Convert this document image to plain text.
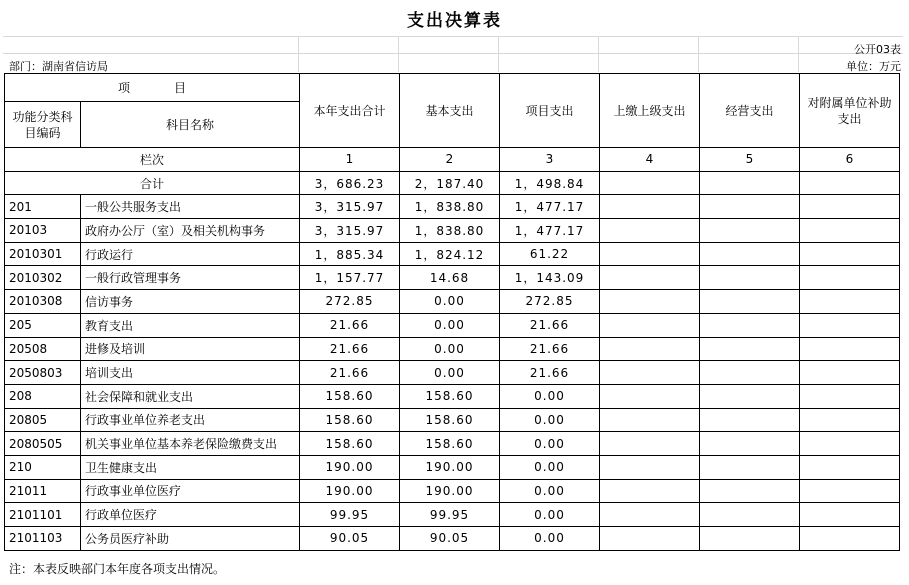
支出决算表
公开03表
部门：湖南省信访局	单位：万元
项　目		本年支出合计	基本支出	项目支出	上缴上级支出	经营支出	对附属单位补助支出
功能分类科目编码	科目名称						
栏次		1	2	3	4	5	6
合计		3，686.23	2，187.40	1，498.84			
201	一般公共服务支出	3，315.97	1，838.80	1，477.17			
20103	政府办公厅（室）及相关机构事务	3，315.97	1，838.80	1，477.17			
2010301	行政运行	1，885.34	1，824.12	61.22			
2010302	一般行政管理事务	1，157.77	14.68	1，143.09			
2010308	信访事务	272.85	0.00	272.85			
205	教育支出	21.66	0.00	21.66			
20508	进修及培训	21.66	0.00	21.66			
2050803	培训支出	21.66	0.00	21.66			
208	社会保障和就业支出	158.60	158.60	0.00			
20805	行政事业单位养老支出	158.60	158.60	0.00			
2080505	机关事业单位基本养老保险缴费支出	158.60	158.60	0.00			
210	卫生健康支出	190.00	190.00	0.00			
21011	行政事业单位医疗	190.00	190.00	0.00			
2101101	行政单位医疗	99.95	99.95	0.00			
2101103	公务员医疗补助	90.05	90.05	0.00			
注：本表反映部门本年度各项支出情况。
